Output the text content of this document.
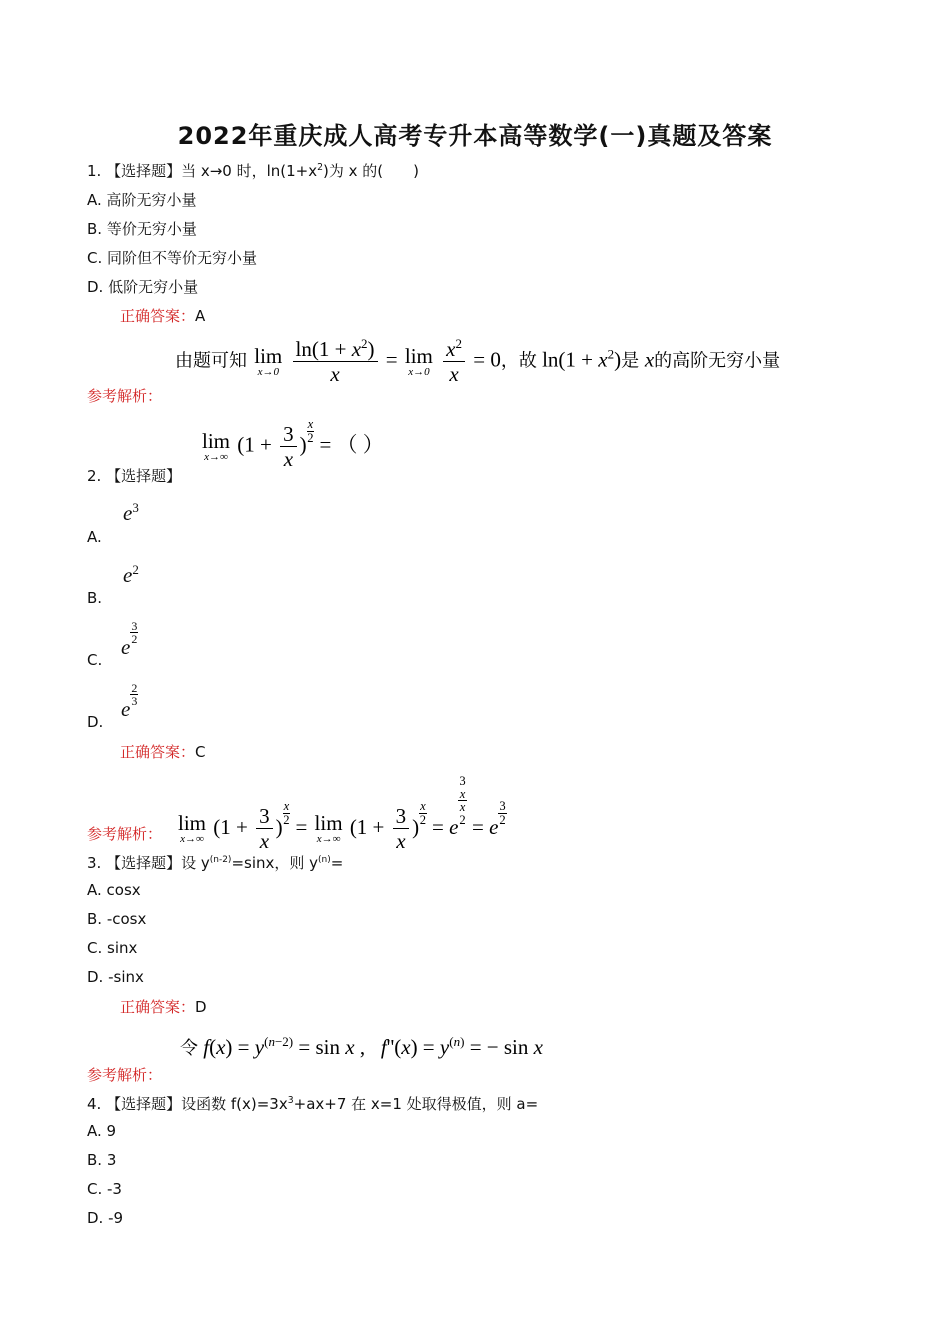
2022年重庆成人高考专升本高等数学(一)真题及答案
1. 【选择题】当 x→0 时，$\ln(1+x^2)$为 x 的(　　)
A. 高阶无穷小量
B. 等价无穷小量
C. 同阶但不等价无穷小量
D. 低阶无穷小量
正确答案：A
由题可知 lim
x→0
$\frac{\ln(1 + x^2)}{x} = \lim$
x→0
$\frac{x^2}{x} = 0$，故 $\ln(1 + x^2)$是 x的高阶无穷小量
参考解析：
lim
x→∞
($1 + \frac{3}{x}$ )
$\frac{x}{2}$
= （ ）
2. 【选择题】
A.
$e^3$
B.
$e^2$
C.
e
$\frac{3}{2}$
D.
e
$\frac{2}{3}$
正确答案：C
lim
x→∞
($1 + \frac{3}{x}$ )
$\frac{x}{2}$
= lim
x→∞
($1 + \frac{3}{x}$ )
$\frac{x}{2}$
= e
3
x
x
2
= e
$\frac{3}{2}$
参考解析：
3. 【选择题】设 $y^{(n-2)}=\sin x$，则 $y^{(n)}=$
A. cosx
B. -cosx
C. sinx
D. -sinx
正确答案：D
令 $f(x) = y^{(n-2)} = \sin x$ ,   $f''(x) = y^{(n)}$ = − sin x
参考解析：
4. 【选择题】设函数 $f(x)=3x^3+ax+7$ 在 x=1 处取得极值，则 a=
A. 9
B. 3
C. -3
D. -9
